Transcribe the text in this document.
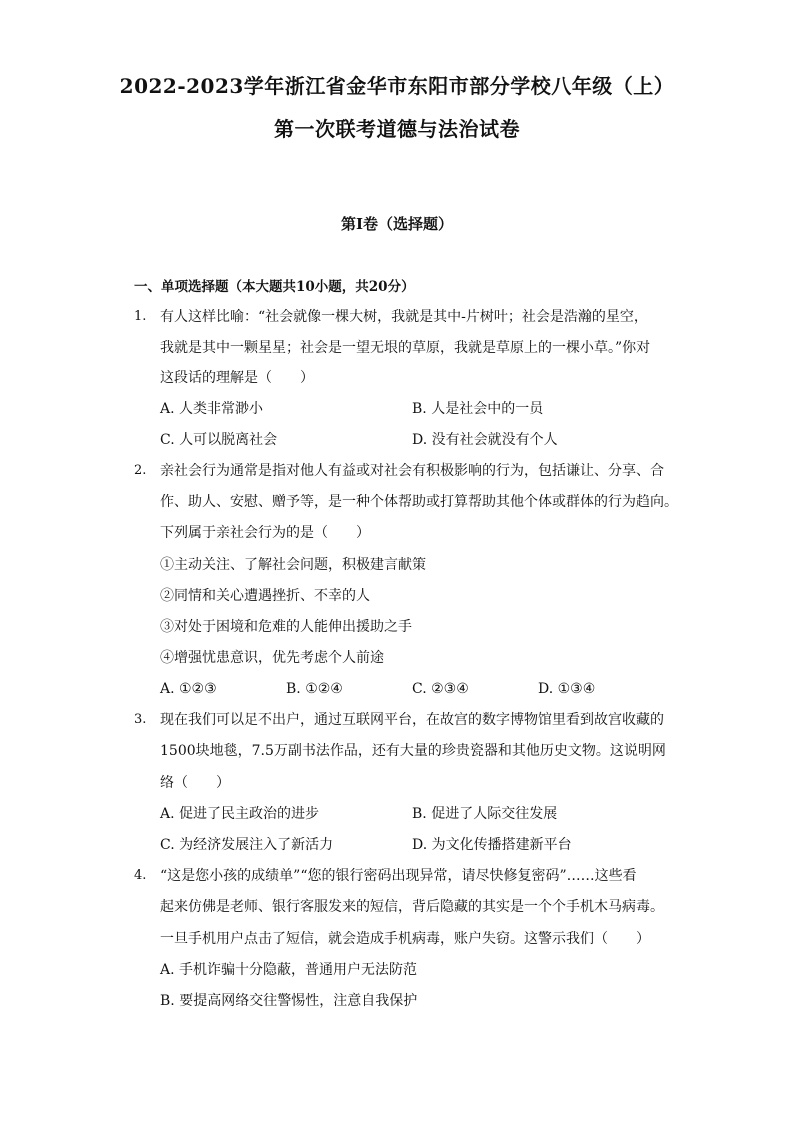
2022-2023学年浙江省金华市东阳市部分学校八年级（上）
第一次联考道德与法治试卷
第I卷（选择题）
一、单项选择题（本大题共10小题，共20分）
1. 有人这样比喻：“社会就像一棵大树，我就是其中-片树叶；社会是浩瀚的星空，
我就是其中一颗星星；社会是一望无垠的草原，我就是草原上的一棵小草。”你对
这段话的理解是（　　）
A. 人类非常渺小	B. 人是社会中的一员
C. 人可以脱离社会	D. 没有社会就没有个人
2. 亲社会行为通常是指对他人有益或对社会有积极影响的行为，包括谦让、分享、合
作、助人、安慰、赠予等，是一种个体帮助或打算帮助其他个体或群体的行为趋向。
下列属于亲社会行为的是（　　）
①主动关注、了解社会问题，积极建言献策
②同情和关心遭遇挫折、不幸的人
③对处于困境和危难的人能伸出援助之手
④增强忧患意识，优先考虑个人前途
A. ①②③	B. ①②④	C. ②③④	D. ①③④
3. 现在我们可以足不出户，通过互联网平台，在故宫的数字博物馆里看到故宫收藏的
1500块地毯，7.5万副书法作品，还有大量的珍贵瓷器和其他历史文物。这说明网
络（　　）
A. 促进了民主政治的进步	B. 促进了人际交往发展
C. 为经济发展注入了新活力	D. 为文化传播搭建新平台
4. “这是您小孩的成绩单”“您的银行密码出现异常，请尽快修复密码”……这些看
起来仿佛是老师、银行客服发来的短信，背后隐藏的其实是一个个手机木马病毒。
一旦手机用户点击了短信，就会造成手机病毒，账户失窃。这警示我们（　　）
A. 手机诈骗十分隐蔽，普通用户无法防范
B. 要提高网络交往警惕性，注意自我保护
